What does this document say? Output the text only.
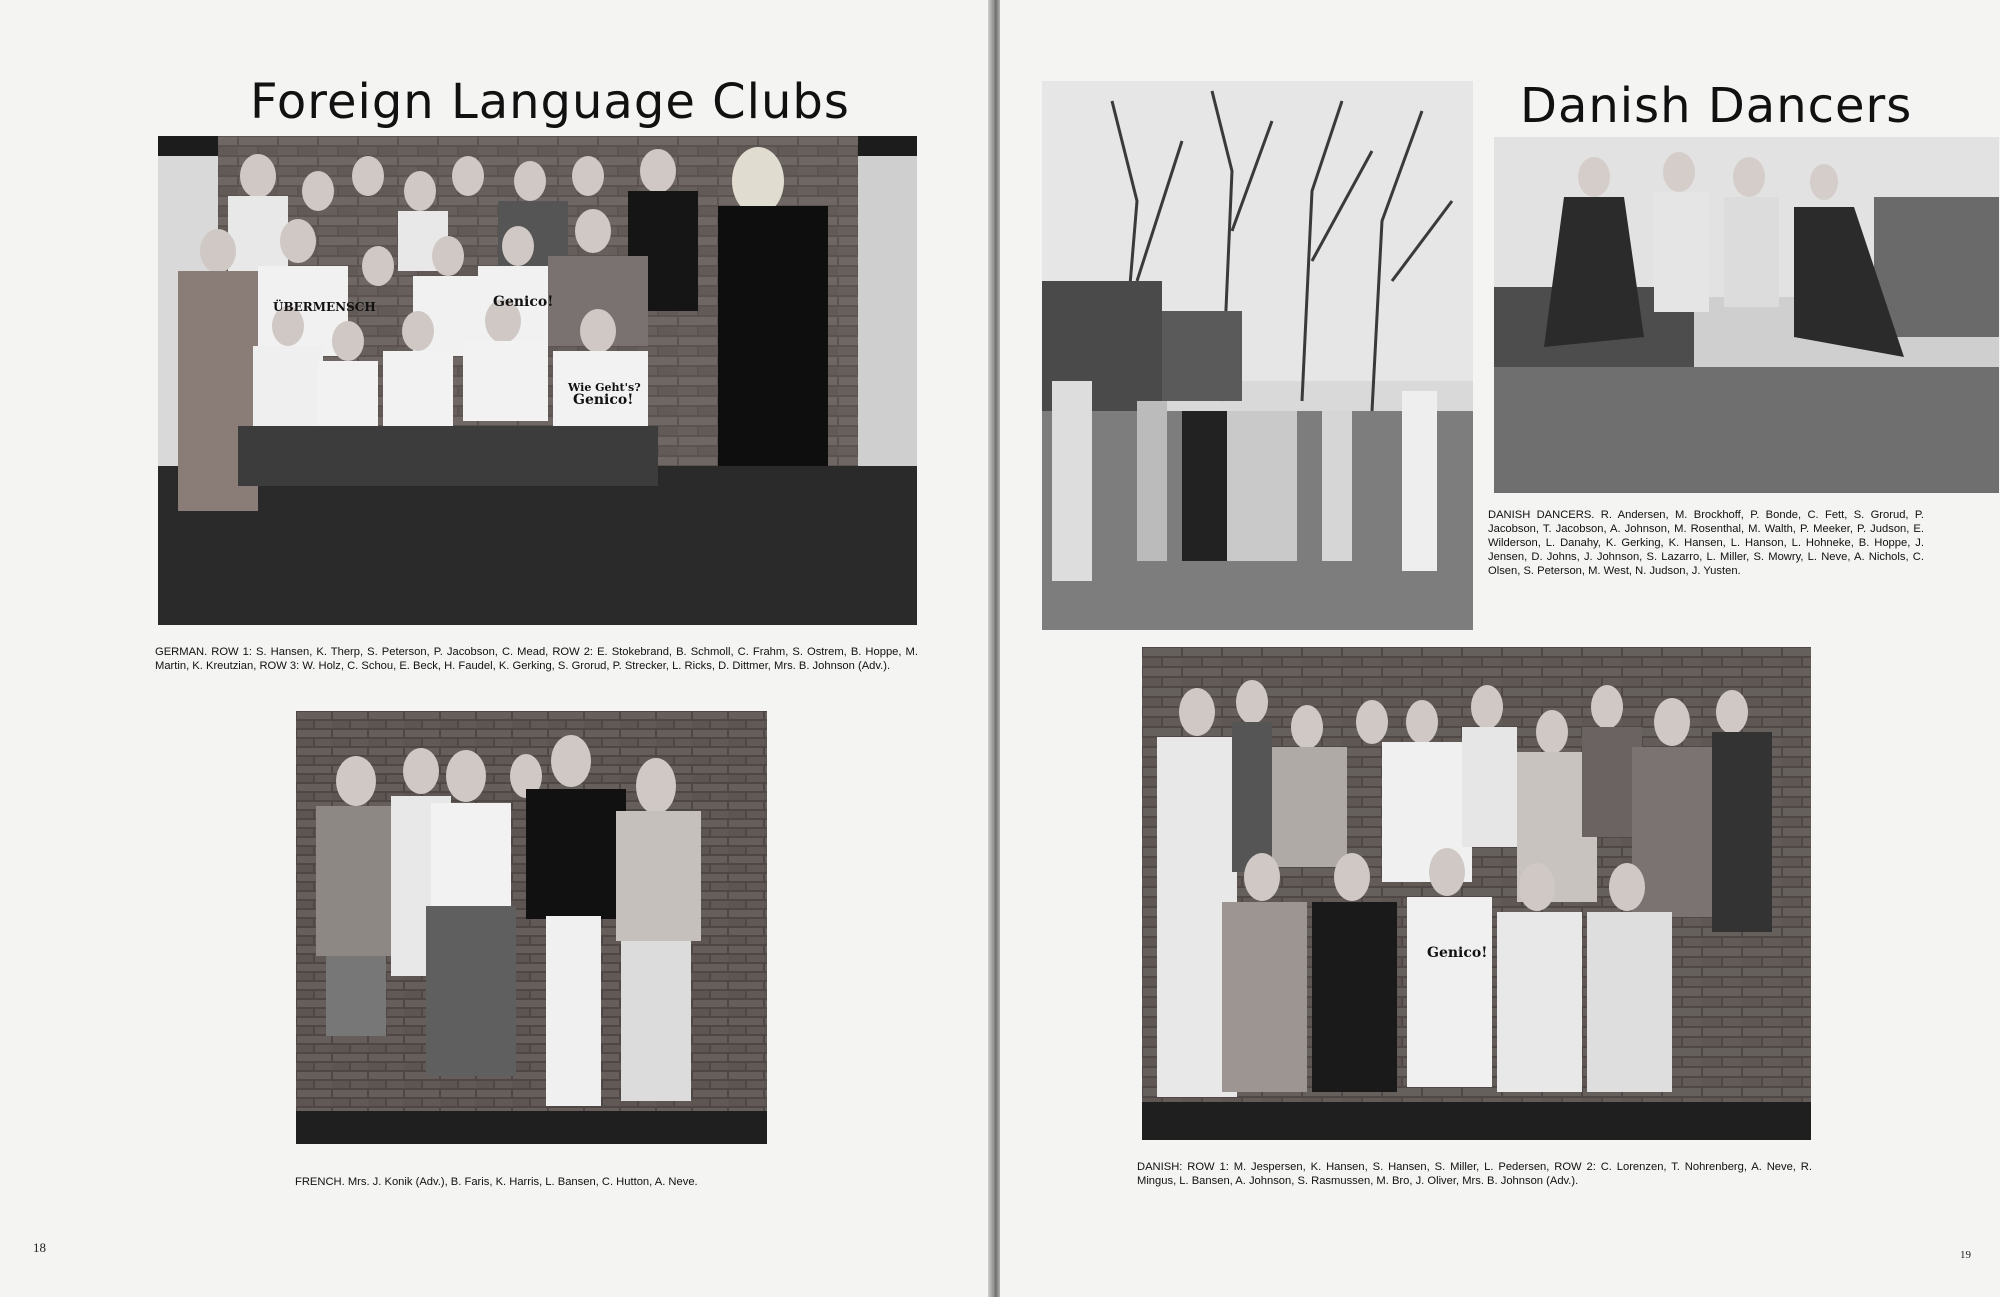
Foreign Language Clubs
ÜBERMENSCH	Genico!
Wie Geht's?
Genico!
GERMAN. ROW 1: S. Hansen, K. Therp, S. Peterson, P. Jacobson, C. Mead, ROW 2: E. Stokebrand, B. Schmoll, C. Frahm, S. Ostrem, B. Hoppe, M. Martin, K. Kreutzian, ROW 3: W. Holz, C. Schou, E. Beck, H. Faudel, K. Gerking, S. Grorud, P. Strecker, L. Ricks, D. Dittmer, Mrs. B. Johnson (Adv.).
FRENCH. Mrs. J. Konik (Adv.), B. Faris, K. Harris, L. Bansen, C. Hutton, A. Neve.
18
Danish Dancers
DANISH DANCERS. R. Andersen, M. Brockhoff, P. Bonde, C. Fett, S. Grorud, P. Jacobson, T. Jacobson, A. Johnson, M. Rosenthal, M. Walth, P. Meeker, P. Judson, E. Wilderson, L. Danahy, K. Gerking, K. Hansen, L. Hanson, L. Hohneke, B. Hoppe, J. Jensen, D. Johns, J. Johnson, S. Lazarro, L. Miller, S. Mowry, L. Neve, A. Nichols, C. Olsen, S. Peterson, M. West, N. Judson, J. Yusten.
Genico!
DANISH: ROW 1: M. Jespersen, K. Hansen, S. Hansen, S. Miller, L. Pedersen, ROW 2: C. Lorenzen, T. Nohrenberg, A. Neve, R. Mingus, L. Bansen, A. Johnson, S. Rasmussen, M. Bro, J. Oliver, Mrs. B. Johnson (Adv.).
19
